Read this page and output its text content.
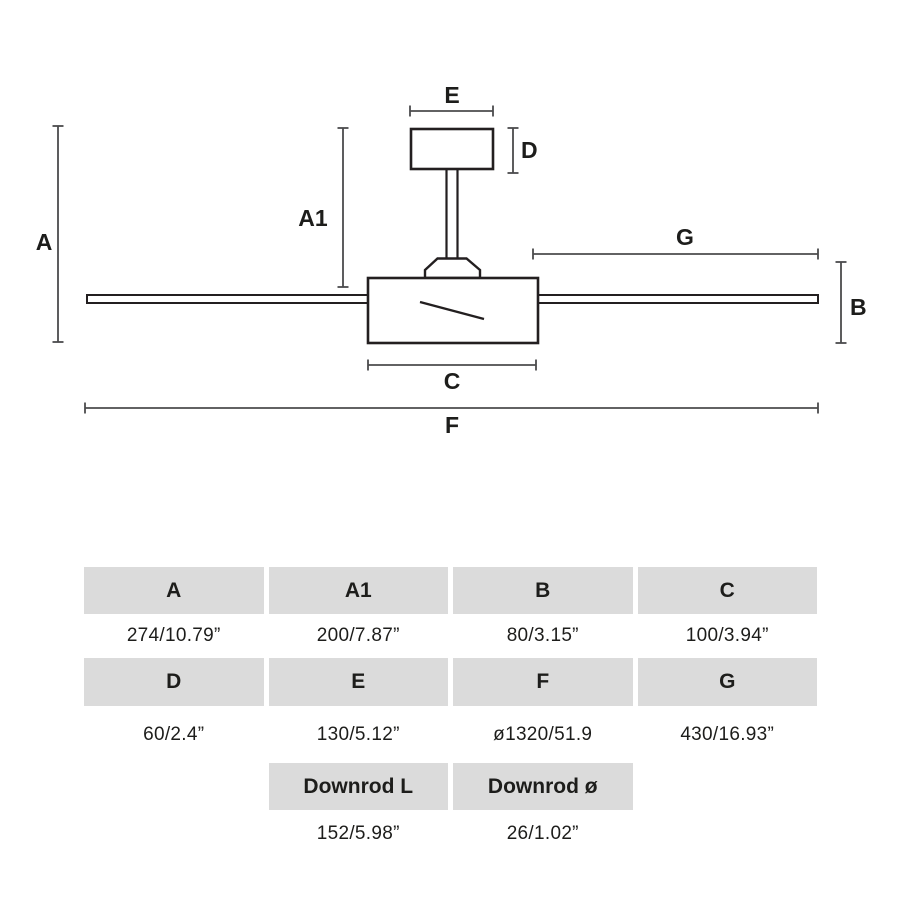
A
A1
E
D
G
B
C
F
A	A1	B	C
274/10.79”	200/7.87”	80/3.15”	100/3.94”
D	E	F	G
60/2.4”	130/5.12”	ø1320/51.9	430/16.93”
Downrod L	Downrod ø
152/5.98”	26/1.02”
